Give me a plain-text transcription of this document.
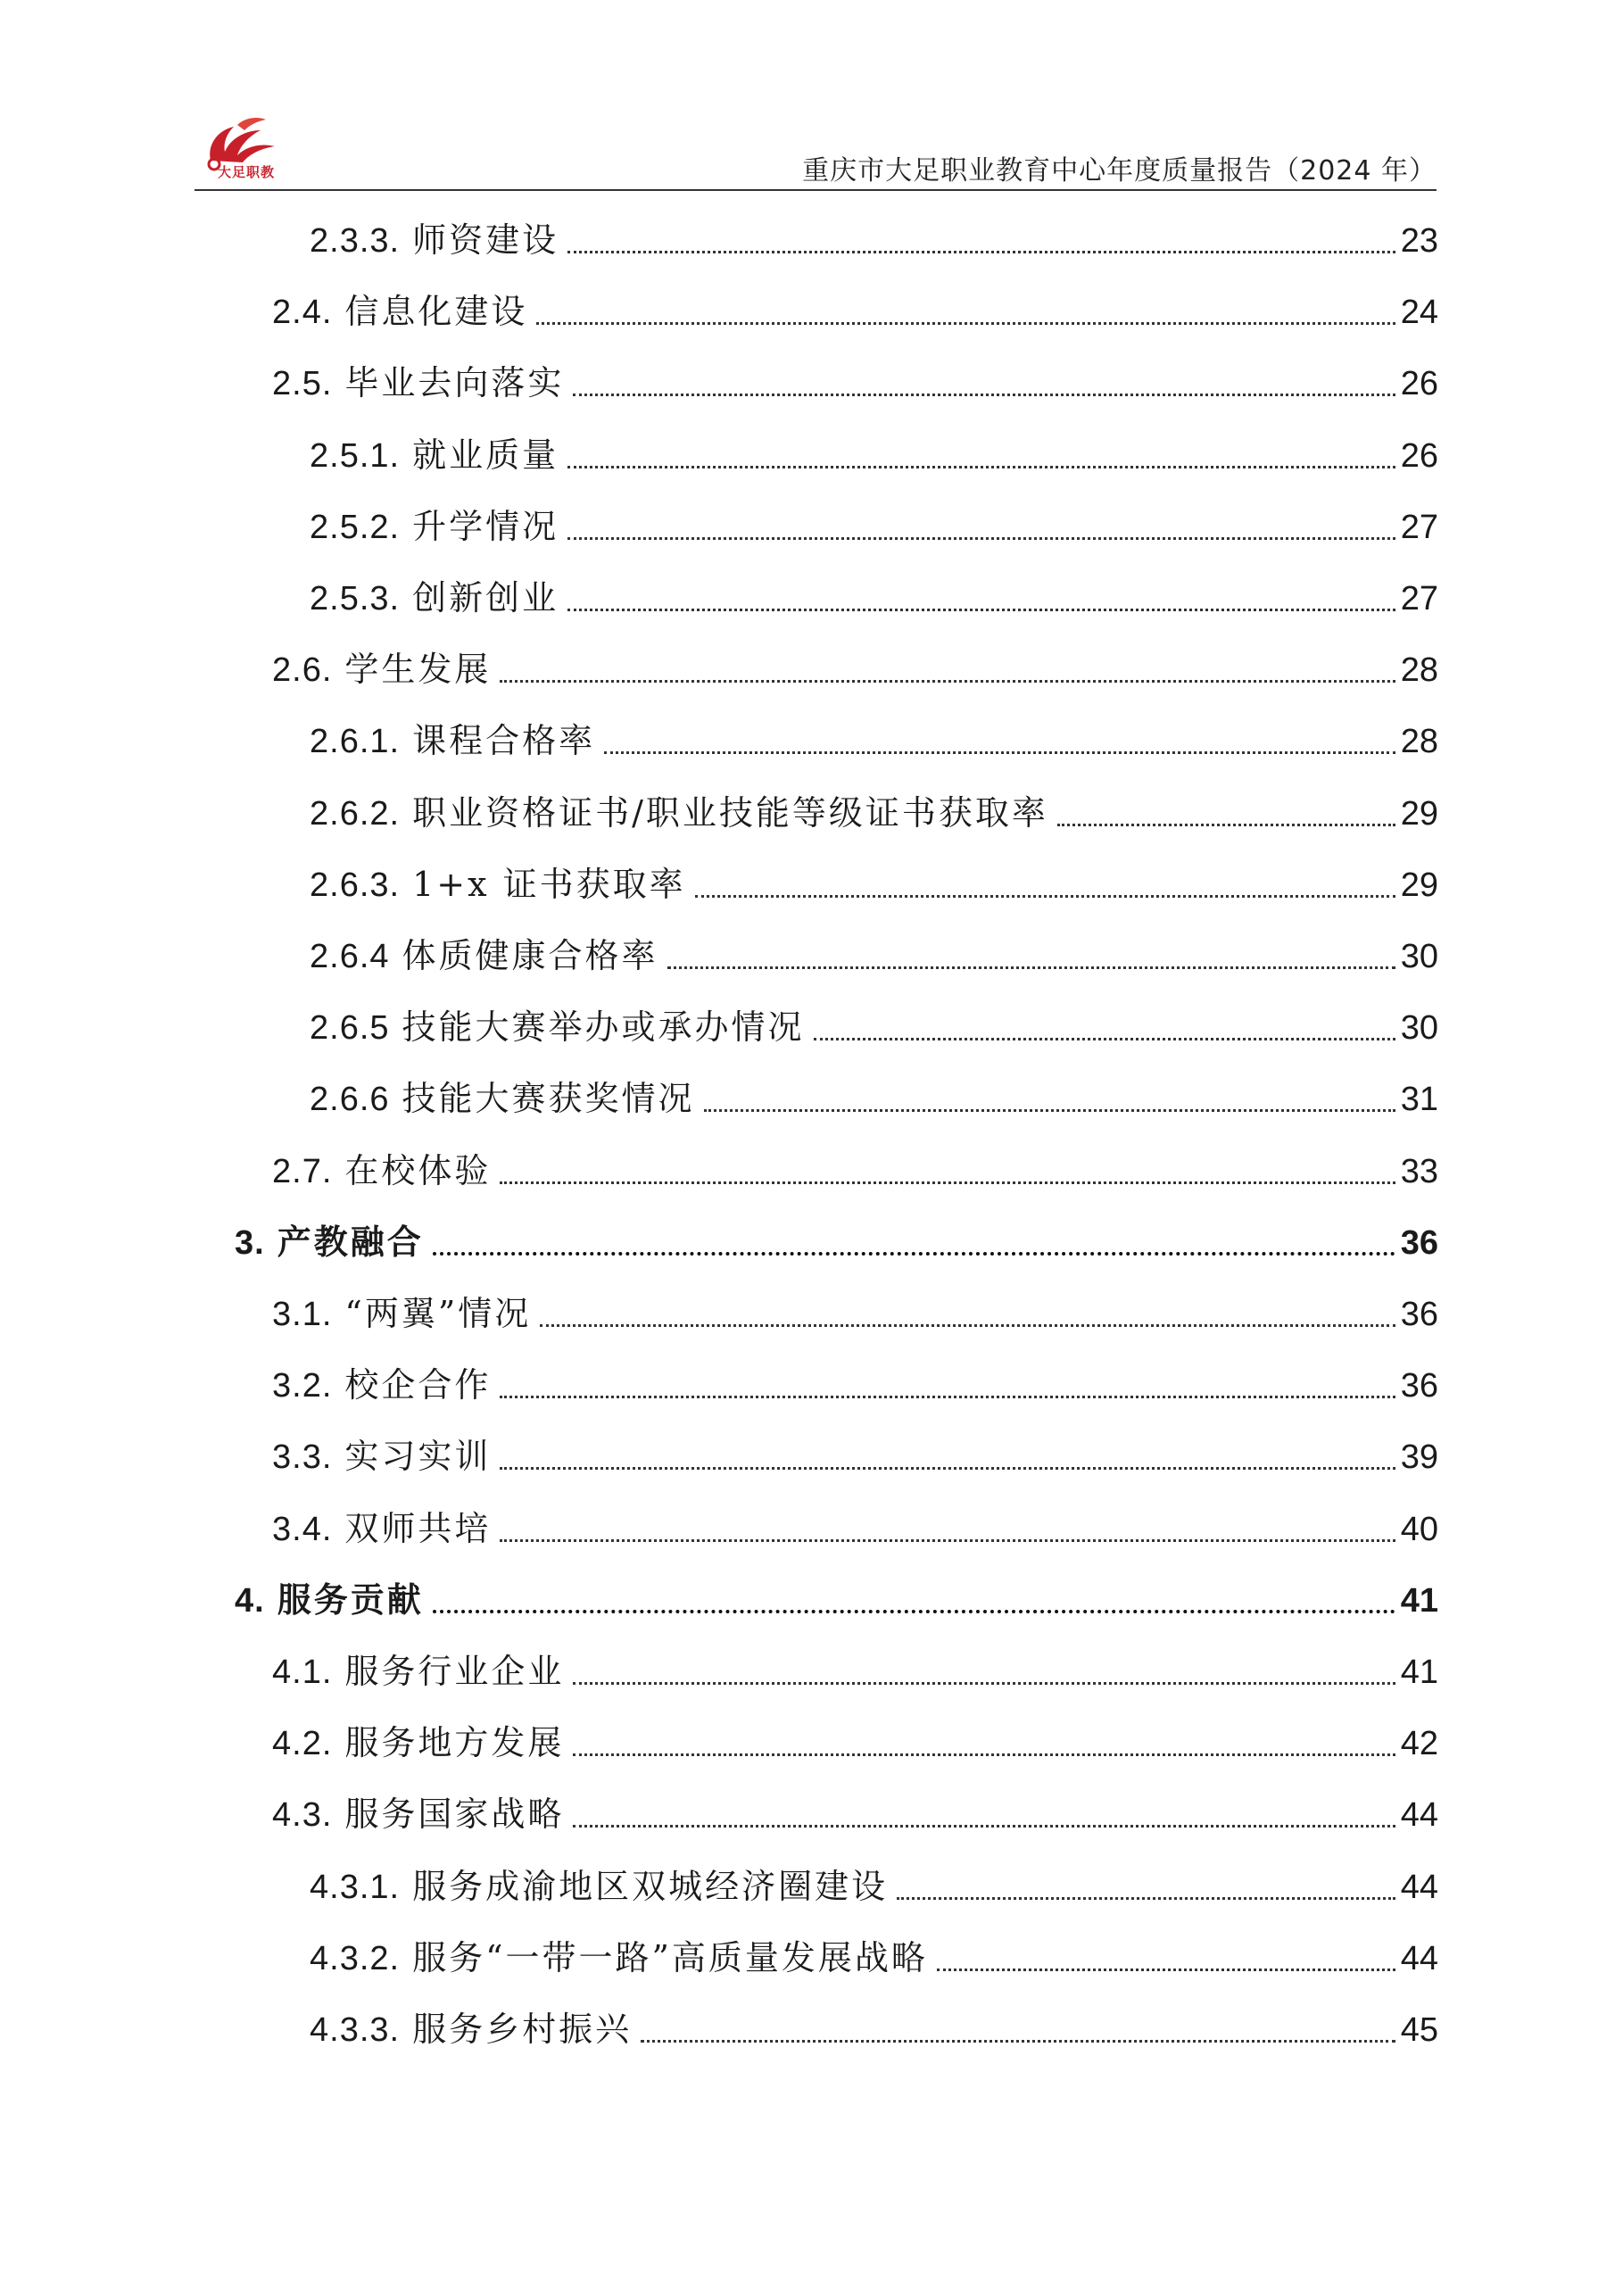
大足职教	重庆市大足职业教育中心年度质量报告（2024 年）
2.3.3. 师资建设	23
2.4. 信息化建设	24
2.5. 毕业去向落实	26
2.5.1. 就业质量	26
2.5.2. 升学情况	27
2.5.3. 创新创业	27
2.6. 学生发展	28
2.6.1. 课程合格率	28
2.6.2. 职业资格证书/职业技能等级证书获取率	29
2.6.3. 1+x 证书获取率	29
2.6.4 体质健康合格率	30
2.6.5 技能大赛举办或承办情况	30
2.6.6 技能大赛获奖情况	31
2.7. 在校体验	33
3. 产教融合	36
3.1. “两翼”情况	36
3.2. 校企合作	36
3.3. 实习实训	39
3.4. 双师共培	40
4. 服务贡献	41
4.1. 服务行业企业	41
4.2. 服务地方发展	42
4.3. 服务国家战略	44
4.3.1. 服务成渝地区双城经济圈建设	44
4.3.2. 服务“一带一路”高质量发展战略	44
4.3.3. 服务乡村振兴	45
